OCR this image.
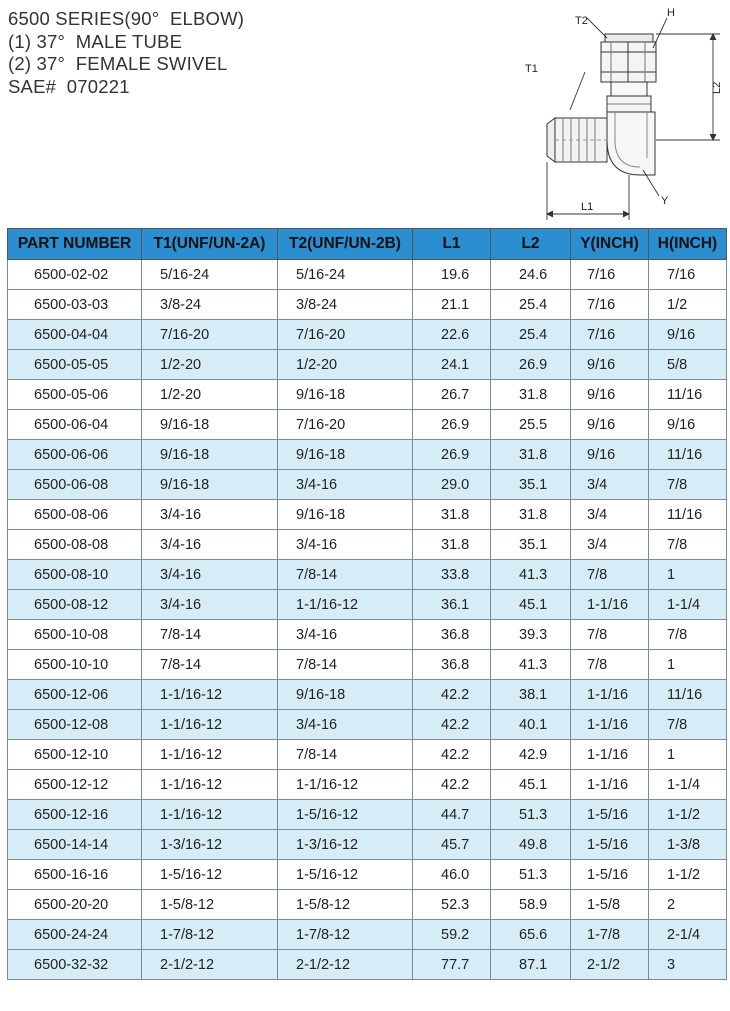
6500 SERIES(90°  ELBOW)
(1) 37°  MALE TUBE
(2) 37°  FEMALE SWIVEL
SAE#  070221
T2
H
T1
L2
L1	Y
PART NUMBER	T1(UNF/UN-2A)	T2(UNF/UN-2B)	L1	L2	Y(INCH)	H(INCH)
6500-02-02	5/16-24	5/16-24	19.6	24.6	7/16	7/16
6500-03-03	3/8-24	3/8-24	21.1	25.4	7/16	1/2
6500-04-04	7/16-20	7/16-20	22.6	25.4	7/16	9/16
6500-05-05	1/2-20	1/2-20	24.1	26.9	9/16	5/8
6500-05-06	1/2-20	9/16-18	26.7	31.8	9/16	11/16
6500-06-04	9/16-18	7/16-20	26.9	25.5	9/16	9/16
6500-06-06	9/16-18	9/16-18	26.9	31.8	9/16	11/16
6500-06-08	9/16-18	3/4-16	29.0	35.1	3/4	7/8
6500-08-06	3/4-16	9/16-18	31.8	31.8	3/4	11/16
6500-08-08	3/4-16	3/4-16	31.8	35.1	3/4	7/8
6500-08-10	3/4-16	7/8-14	33.8	41.3	7/8	1
6500-08-12	3/4-16	1-1/16-12	36.1	45.1	1-1/16	1-1/4
6500-10-08	7/8-14	3/4-16	36.8	39.3	7/8	7/8
6500-10-10	7/8-14	7/8-14	36.8	41.3	7/8	1
6500-12-06	1-1/16-12	9/16-18	42.2	38.1	1-1/16	11/16
6500-12-08	1-1/16-12	3/4-16	42.2	40.1	1-1/16	7/8
6500-12-10	1-1/16-12	7/8-14	42.2	42.9	1-1/16	1
6500-12-12	1-1/16-12	1-1/16-12	42.2	45.1	1-1/16	1-1/4
6500-12-16	1-1/16-12	1-5/16-12	44.7	51.3	1-5/16	1-1/2
6500-14-14	1-3/16-12	1-3/16-12	45.7	49.8	1-5/16	1-3/8
6500-16-16	1-5/16-12	1-5/16-12	46.0	51.3	1-5/16	1-1/2
6500-20-20	1-5/8-12	1-5/8-12	52.3	58.9	1-5/8	2
6500-24-24	1-7/8-12	1-7/8-12	59.2	65.6	1-7/8	2-1/4
6500-32-32	2-1/2-12	2-1/2-12	77.7	87.1	2-1/2	3
